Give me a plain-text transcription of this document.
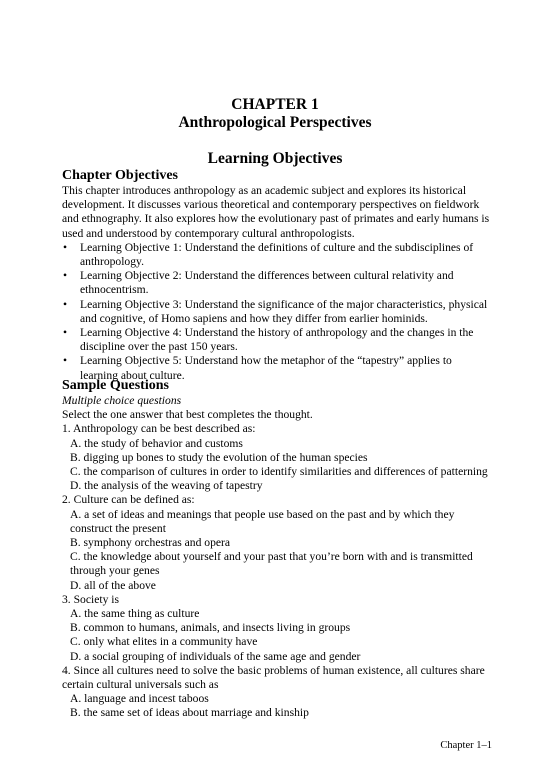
CHAPTER 1
Anthropological Perspectives
Learning Objectives
Chapter Objectives

This chapter introduces anthropology as an academic subject and explores its historical development. It discusses various theoretical and contemporary perspectives on fieldwork and ethnography. It also explores how the evolutionary past of primates and early humans is used and understood by contemporary cultural anthropologists.

• Learning Objective 1: Understand the definitions of culture and the subdisciplines of anthropology.
• Learning Objective 2: Understand the differences between cultural relativity and ethnocentrism.
• Learning Objective 3: Understand the significance of the major characteristics, physical and cognitive, of Homo sapiens and how they differ from earlier hominids.
• Learning Objective 4: Understand the history of anthropology and the changes in the discipline over the past 150 years.
• Learning Objective 5: Understand how the metaphor of the “tapestry” applies to learning about culture.
Sample Questions
Multiple choice questions
Select the one answer that best completes the thought.
1. Anthropology can be best described as:
A. the study of behavior and customs
B. digging up bones to study the evolution of the human species
C. the comparison of cultures in order to identify similarities and differences of patterning
D. the analysis of the weaving of tapestry
2. Culture can be defined as:
A. a set of ideas and meanings that people use based on the past and by which they construct the present
B. symphony orchestras and opera
C. the knowledge about yourself and your past that you’re born with and is transmitted through your genes
D. all of the above
3. Society is
A. the same thing as culture
B. common to humans, animals, and insects living in groups
C. only what elites in a community have
D. a social grouping of individuals of the same age and gender
4. Since all cultures need to solve the basic problems of human existence, all cultures share certain cultural universals such as
A. language and incest taboos
B. the same set of ideas about marriage and kinship
Chapter 1–1
